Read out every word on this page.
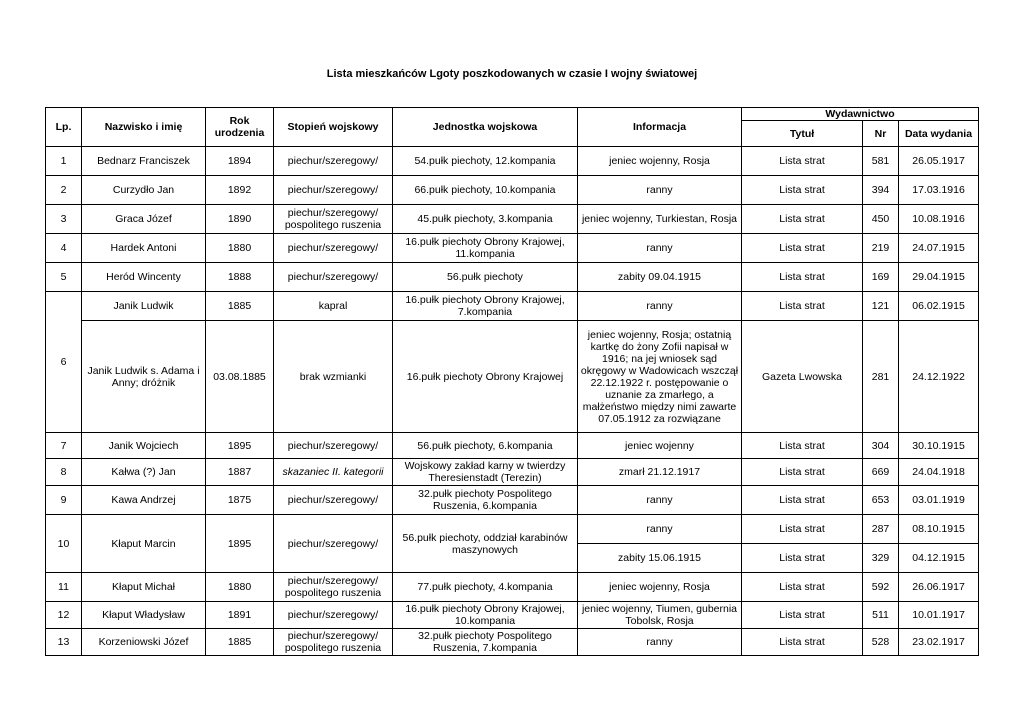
Lista mieszkańców Lgoty poszkodowanych w czasie I wojny światowej
Lp.	Nazwisko i imię	Rok urodzenia	Stopień wojskowy	Jednostka wojskowa	Informacja	Wydawnictwo		
						Tytuł	Nr	Data wydania
1	Bednarz Franciszek	1894	piechur/szeregowy/	54.pułk piechoty, 12.kompania	jeniec wojenny, Rosja	Lista strat	581	26.05.1917
2	Curzydło Jan	1892	piechur/szeregowy/	66.pułk piechoty, 10.kompania	ranny	Lista strat	394	17.03.1916
3	Graca Józef	1890	piechur/szeregowy/ pospolitego ruszenia	45.pułk piechoty, 3.kompania	jeniec wojenny, Turkiestan, Rosja	Lista strat	450	10.08.1916
4	Hardek Antoni	1880	piechur/szeregowy/	16.pułk piechoty Obrony Krajowej, 11.kompania	ranny	Lista strat	219	24.07.1915
5	Heród Wincenty	1888	piechur/szeregowy/	56.pułk piechoty	zabity 09.04.1915	Lista strat	169	29.04.1915
6	Janik Ludwik	1885	kapral	16.pułk piechoty Obrony Krajowej, 7.kompania	ranny	Lista strat	121	06.02.1915
	Janik Ludwik s. Adama i Anny; dróżnik	03.08.1885	brak wzmianki	16.pułk piechoty Obrony Krajowej	jeniec wojenny, Rosja; ostatnią kartkę do żony Zofii napisał w 1916; na jej wniosek sąd okręgowy w Wadowicach wszczął 22.12.1922 r. postępowanie o uznanie za zmarłego, a małżeństwo między nimi zawarte 07.05.1912 za rozwiązane	Gazeta Lwowska	281	24.12.1922
7	Janik Wojciech	1895	piechur/szeregowy/	56.pułk piechoty, 6.kompania	jeniec wojenny	Lista strat	304	30.10.1915
8	Kałwa (?) Jan	1887	skazaniec II. kategorii	Wojskowy zakład karny w twierdzy Theresienstadt (Terezin)	zmarł 21.12.1917	Lista strat	669	24.04.1918
9	Kawa Andrzej	1875	piechur/szeregowy/	32.pułk piechoty Pospolitego Ruszenia, 6.kompania	ranny	Lista strat	653	03.01.1919
10	Kłaput Marcin	1895	piechur/szeregowy/	56.pułk piechoty, oddział karabinów maszynowych	ranny	Lista strat	287	08.10.1915
					zabity 15.06.1915	Lista strat	329	04.12.1915
11	Kłaput Michał	1880	piechur/szeregowy/ pospolitego ruszenia	77.pułk piechoty, 4.kompania	jeniec wojenny, Rosja	Lista strat	592	26.06.1917
12	Kłaput Władysław	1891	piechur/szeregowy/	16.pułk piechoty Obrony Krajowej, 10.kompania	jeniec wojenny, Tiumen, gubernia Tobolsk, Rosja	Lista strat	511	10.01.1917
13	Korzeniowski Józef	1885	piechur/szeregowy/ pospolitego ruszenia	32.pułk piechoty Pospolitego Ruszenia, 7.kompania	ranny	Lista strat	528	23.02.1917
